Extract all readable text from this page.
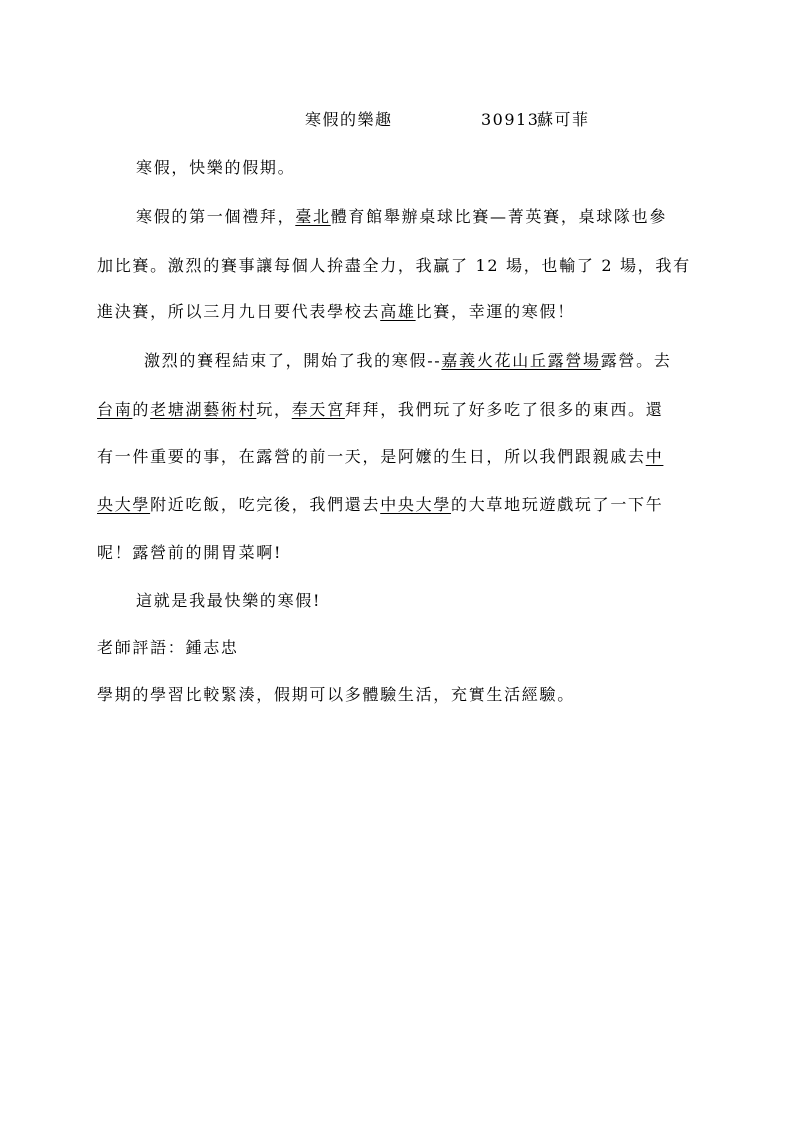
寒假的樂趣	30913
蘇可菲
寒假，快樂的假期。
寒假的第一個禮拜，臺北體育館舉辦桌球比賽—菁英賽，桌球隊也參
加比賽。激烈的賽事讓每個人拚盡全力，我贏了 12 場，也輸了 2 場，我有
進決賽，所以三月九日要代表學校去高雄比賽，幸運的寒假！
激烈的賽程結束了，開始了我的寒假--嘉義火花山丘露營場露營。去
台南的老塘湖藝術村玩，奉天宮拜拜，我們玩了好多吃了很多的東西。還
有一件重要的事，在露營的前一天，是阿嬤的生日，所以我們跟親戚去中
央大學附近吃飯，吃完後，我們還去中央大學的大草地玩遊戲玩了一下午
呢！露營前的開胃菜啊!
這就是我最快樂的寒假!
老師評語：鍾志忠
學期的學習比較緊湊，假期可以多體驗生活，充實生活經驗。
